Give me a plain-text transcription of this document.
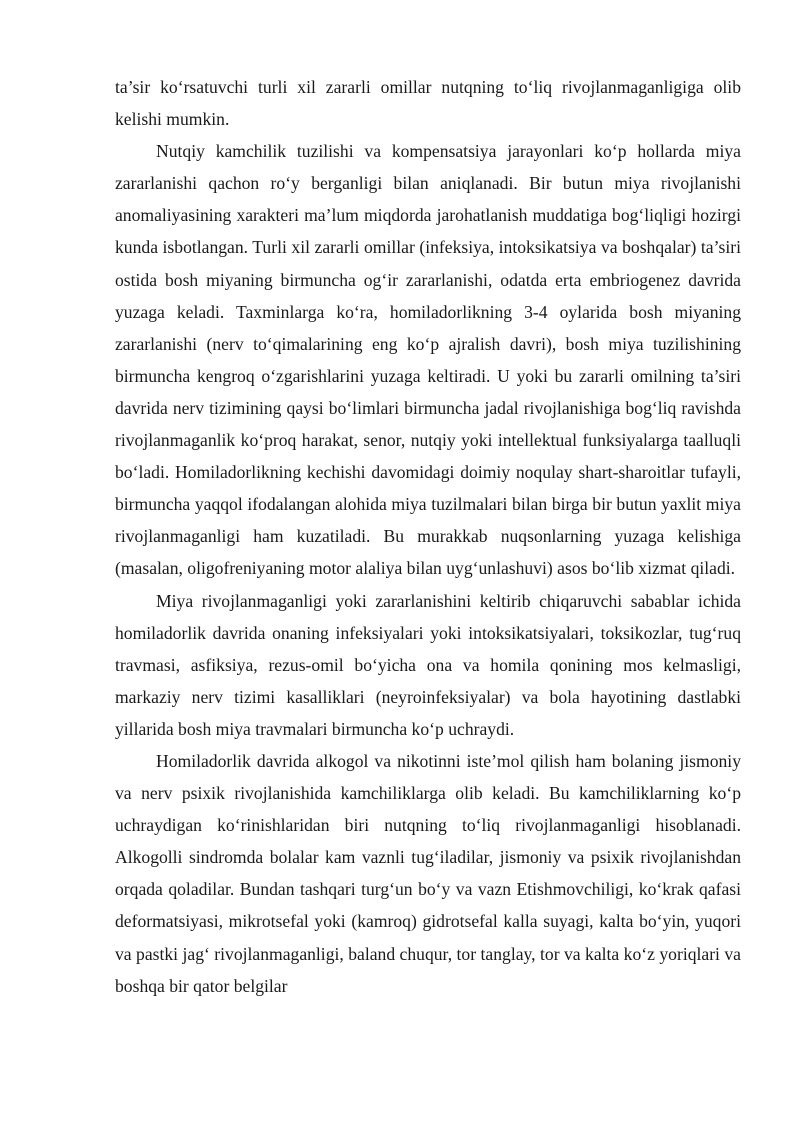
ta’sir ko‘rsatuvchi turli xil zararli omillar nutqning to‘liq rivojlanmaganligiga olib kelishi mumkin.

Nutqiy kamchilik tuzilishi va kompensatsiya jarayonlari ko‘p hollarda miya zararlanishi qachon ro‘y berganligi bilan aniqlanadi. Bir butun miya rivojlanishi anomaliyasining xarakteri ma’lum miqdorda jarohatlanish muddatiga bog‘liqligi hozirgi kunda isbotlangan. Turli xil zararli omillar (infeksiya, intoksikatsiya va boshqalar) ta’siri ostida bosh miyaning birmuncha og‘ir zararlanishi, odatda erta embriogenez davrida yuzaga keladi. Taxminlarga ko‘ra, homiladorlikning 3-4 oylarida bosh miyaning zararlanishi (nerv to‘qimalarining eng ko‘p ajralish davri), bosh miya tuzilishining birmuncha kengroq o‘zgarishlarini yuzaga keltiradi. U yoki bu zararli omilning ta’siri davrida nerv tizimining qaysi bo‘limlari birmuncha jadal rivojlanishiga bog‘liq ravishda rivojlanmaganlik ko‘proq harakat, senor, nutqiy yoki intellektual funksiyalarga taalluqli bo‘ladi. Homiladorlikning kechishi davomidagi doimiy noqulay shart-sharoitlar tufayli, birmuncha yaqqol ifodalangan alohida miya tuzilmalari bilan birga bir butun yaxlit miya rivojlanmaganligi ham kuzatiladi. Bu murakkab nuqsonlarning yuzaga kelishiga (masalan, oligofreniyaning motor alaliya bilan uyg‘unlashuvi) asos bo‘lib xizmat qiladi.

Miya rivojlanmaganligi yoki zararlanishini keltirib chiqaruvchi sabablar ichida homiladorlik davrida onaning infeksiyalari yoki intoksikatsiyalari, toksikozlar, tug‘ruq travmasi, asfiksiya, rezus-omil bo‘yicha ona va homila qonining mos kelmasligi, markaziy nerv tizimi kasalliklari (neyroinfeksiyalar) va bola hayotining dastlabki yillarida bosh miya travmalari birmuncha ko‘p uchraydi.

Homiladorlik davrida alkogol va nikotinni iste’mol qilish ham bolaning jismoniy va nerv psixik rivojlanishida kamchiliklarga olib keladi. Bu kamchiliklarning ko‘p uchraydigan ko‘rinishlaridan biri nutqning to‘liq rivojlanmaganligi hisoblanadi. Alkogolli sindromda bolalar kam vaznli tug‘iladilar, jismoniy va psixik rivojlanishdan orqada qoladilar. Bundan tashqari turg‘un bo‘y va vazn Etishmovchiligi, ko‘krak qafasi deformatsiyasi, mikrotsefal yoki (kamroq) gidrotsefal kalla suyagi, kalta bo‘yin, yuqori va pastki jag‘ rivojlanmaganligi, baland chuqur, tor tanglay, tor va kalta ko‘z yoriqlari va boshqa bir qator belgilar
